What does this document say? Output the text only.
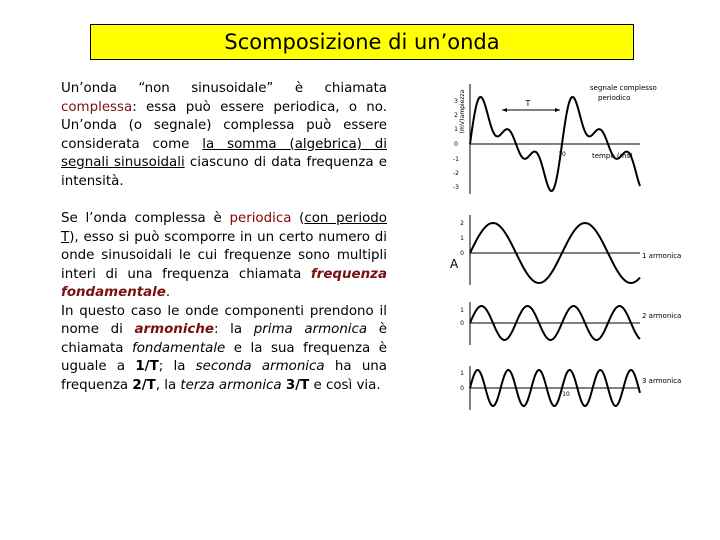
Scomposizione di un’onda

Un’onda “non sinusoidale” è chiamata complessa: essa può essere periodica, o no. Un’onda (o segnale) complessa può essere considerata come la somma (algebrica) di segnali sinusoidali ciascuno di data frequenza e intensità.

Se l’onda complessa è periodica (con periodo T), esso si può scomporre in un certo numero di onde sinusoidali le cui frequenze sono multipli interi di una frequenza chiamata frequenza fondamentale.

In questo caso le onde componenti prendono il nome di armoniche: la prima armonica è chiamata fondamentale e la sua frequenza è uguale a 1/T; la seconda armonica ha una frequenza 2/T, la terza armonica 3/T e così via.

ampiezza
(mV)
3
2
1
0
-1
-2
-3
T
10	tempo (ms)
segnale complesso
periodico
A
2
1
0	1 armonica
1
0
2 armonica
1
0
10
3 armonica
